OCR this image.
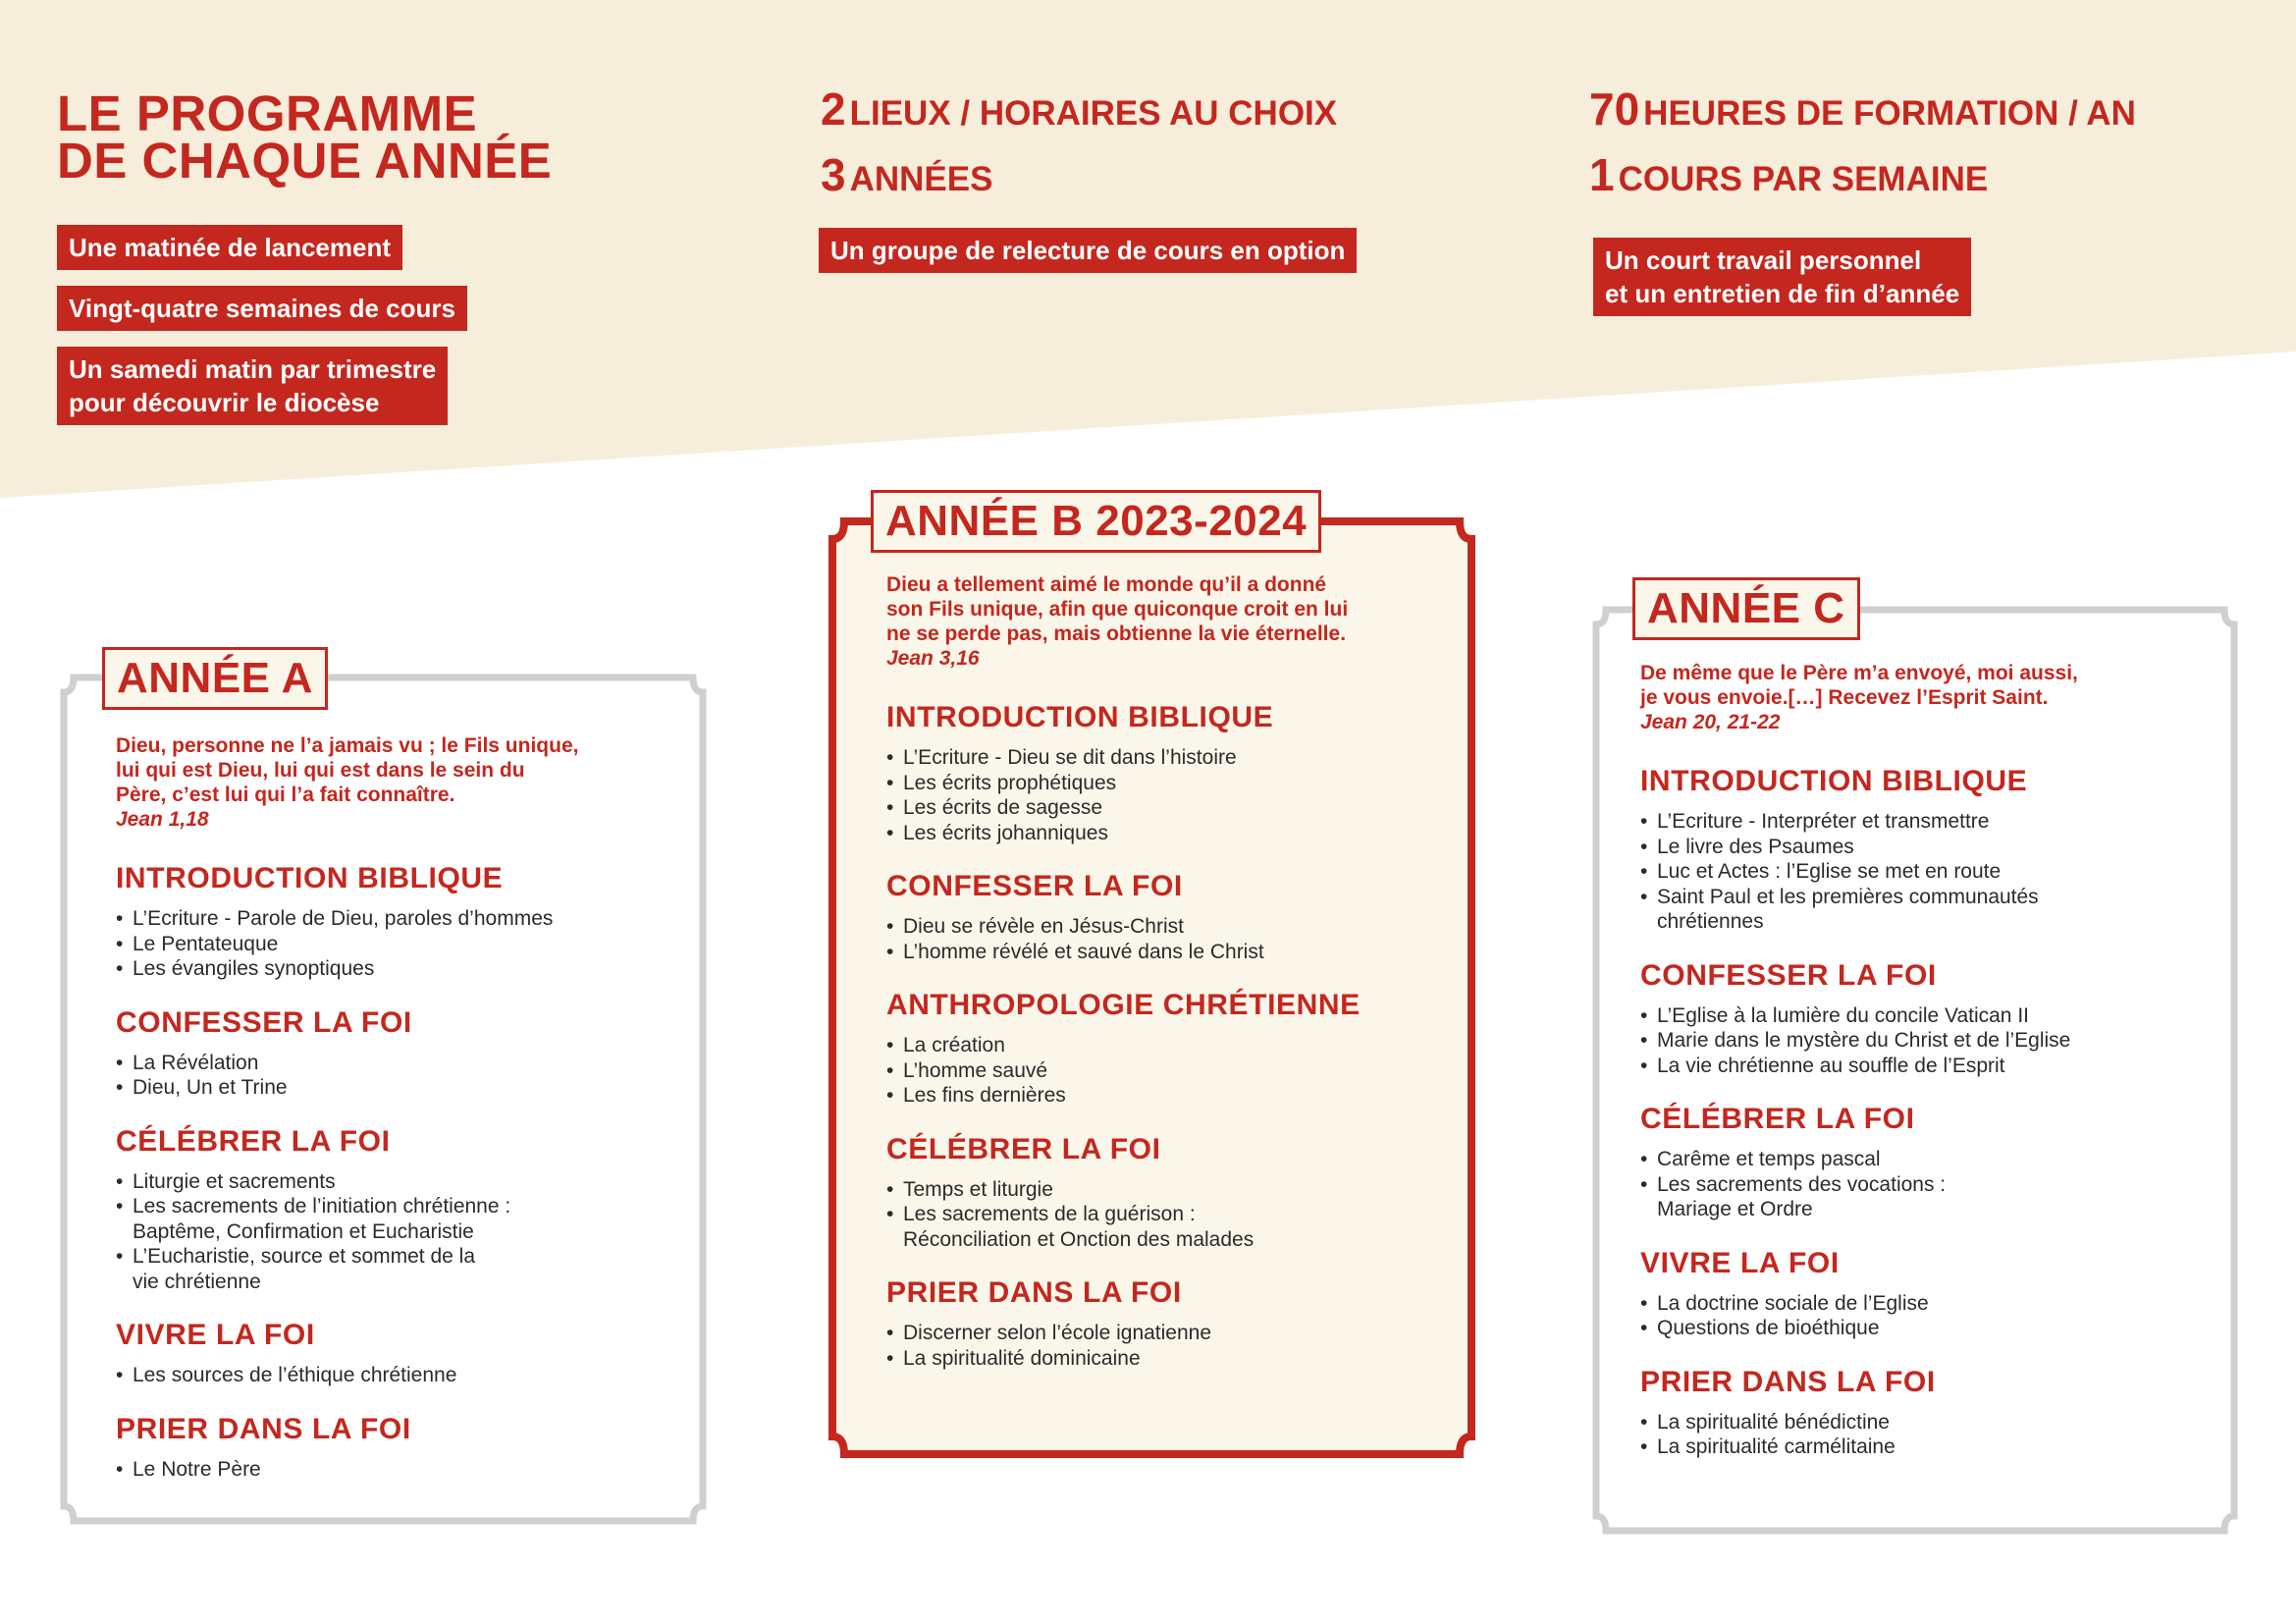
LE PROGRAMME
DE CHAQUE ANNÉE
Une matinée de lancement
Vingt-quatre semaines de cours
Un samedi matin par trimestre
pour découvrir le diocèse
2 LIEUX / HORAIRES AU CHOIX
3 ANNÉES
Un groupe de relecture de cours en option
70 HEURES DE FORMATION / AN
1 COURS PAR SEMAINE
Un court travail personnel
et un entretien de fin d’année
ANNÉE A

Dieu, personne ne l’a jamais vu ; le Fils unique,
lui qui est Dieu, lui qui est dans le sein du
Père, c’est lui qui l’a fait connaître.
Jean 1,18

INTRODUCTION BIBLIQUE
• L’Ecriture - Parole de Dieu, paroles d’hommes
• Le Pentateuque
• Les évangiles synoptiques
CONFESSER LA FOI
• La Révélation
• Dieu, Un et Trine
CÉLÉBRER LA FOI
• Liturgie et sacrements
• Les sacrements de l’initiation chrétienne :
Baptême, Confirmation et Eucharistie
• L’Eucharistie, source et sommet de la
vie chrétienne
VIVRE LA FOI
• Les sources de l’éthique chrétienne
PRIER DANS LA FOI
• Le Notre Père
ANNÉE B 2023-2024

Dieu a tellement aimé le monde qu’il a donné
son Fils unique, afin que quiconque croit en lui
ne se perde pas, mais obtienne la vie éternelle.
Jean 3,16

INTRODUCTION BIBLIQUE
• L’Ecriture - Dieu se dit dans l’histoire
• Les écrits prophétiques
• Les écrits de sagesse
• Les écrits johanniques
CONFESSER LA FOI
• Dieu se révèle en Jésus-Christ
• L’homme révélé et sauvé dans le Christ
ANTHROPOLOGIE CHRÉTIENNE
• La création
• L’homme sauvé
• Les fins dernières
CÉLÉBRER LA FOI
• Temps et liturgie
• Les sacrements de la guérison :
Réconciliation et Onction des malades
PRIER DANS LA FOI
• Discerner selon l’école ignatienne
• La spiritualité dominicaine
ANNÉE C

De même que le Père m’a envoyé, moi aussi,
je vous envoie.[…] Recevez l’Esprit Saint.
Jean 20, 21-22

INTRODUCTION BIBLIQUE
• L’Ecriture - Interpréter et transmettre
• Le livre des Psaumes
• Luc et Actes : l’Eglise se met en route
• Saint Paul et les premières communautés
chrétiennes
CONFESSER LA FOI
• L’Eglise à la lumière du concile Vatican II
• Marie dans le mystère du Christ et de l’Eglise
• La vie chrétienne au souffle de l’Esprit
CÉLÉBRER LA FOI
• Carême et temps pascal
• Les sacrements des vocations :
Mariage et Ordre
VIVRE LA FOI
• La doctrine sociale de l’Eglise
• Questions de bioéthique
PRIER DANS LA FOI
• La spiritualité bénédictine
• La spiritualité carmélitaine
